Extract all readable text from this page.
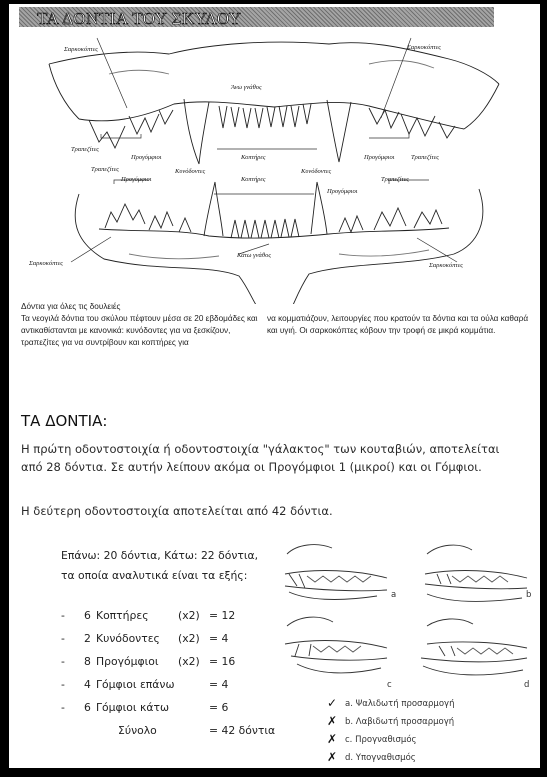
ΤΑ ΔΟΝΤΙΑ ΤΟΥ ΣΚΥΛΟΥ
Σαρκοκόπτες	Σαρκοκόπτες
Άνω γνάθος
Τραπεζίτες
Προγόμφιοι	Κοπτήρες	Προγόμφιοι	Τραπεζίτες
Τραπεζίτες	Κυνόδοντες	Κυνόδοντες
Προγόμφιοι	Κοπτήρες	Τραπεζίτες
Προγόμφιοι
Κάτω γνάθος
Σαρκοκόπτες	Σαρκοκόπτες
Δόντια για όλες τις δουλειές
Τα νεογιλά δόντια του σκύλου πέφτουν μέσα σε 20 εβδομάδες και αντικαθίστανται με κανονικά: κυνόδοντες για να ξεσκίζουν, τραπεζίτες για να συντρίβουν και κοπτήρες για
να κομματιάζουν, λειτουργίες που κρατούν τα δόντια και τα ούλα καθαρά και υγιή. Οι σαρκοκόπτες κόβουν την τροφή σε μικρά κομμάτια.
ΤΑ ΔΟΝΤΙΑ:
Η πρώτη οδοντοστοιχία ή οδοντοστοιχία "γάλακτος" των κουταβιών, αποτελείται
από 28 δόντια. Σε αυτήν λείπουν ακόμα οι Προγόμφιοι 1 (μικροί) και οι Γόμφιοι.
Η δεύτερη οδοντοστοιχία αποτελείται από 42 δόντια.
Επάνω: 20 δόντια, Κάτω: 22 δόντια,
τα οποία αναλυτικά είναι τα εξής:
- 6 Κοπτήρες	(x2) = 12
- 2 Κυνόδοντες (x2) = 4
- 8 Προγόμφιοι (x2) = 16
- 4 Γόμφιοι επάνω	= 4
- 6 Γόμφιοι κάτω	= 6
Σύνολο	= 42 δόντια
a	b
c	d
✓ a. Ψαλιδωτή προσαρμογή
✗ b. Λαβιδωτή προσαρμογή
✗ c. Προγναθισμός
✗ d. Υπογναθισμός
